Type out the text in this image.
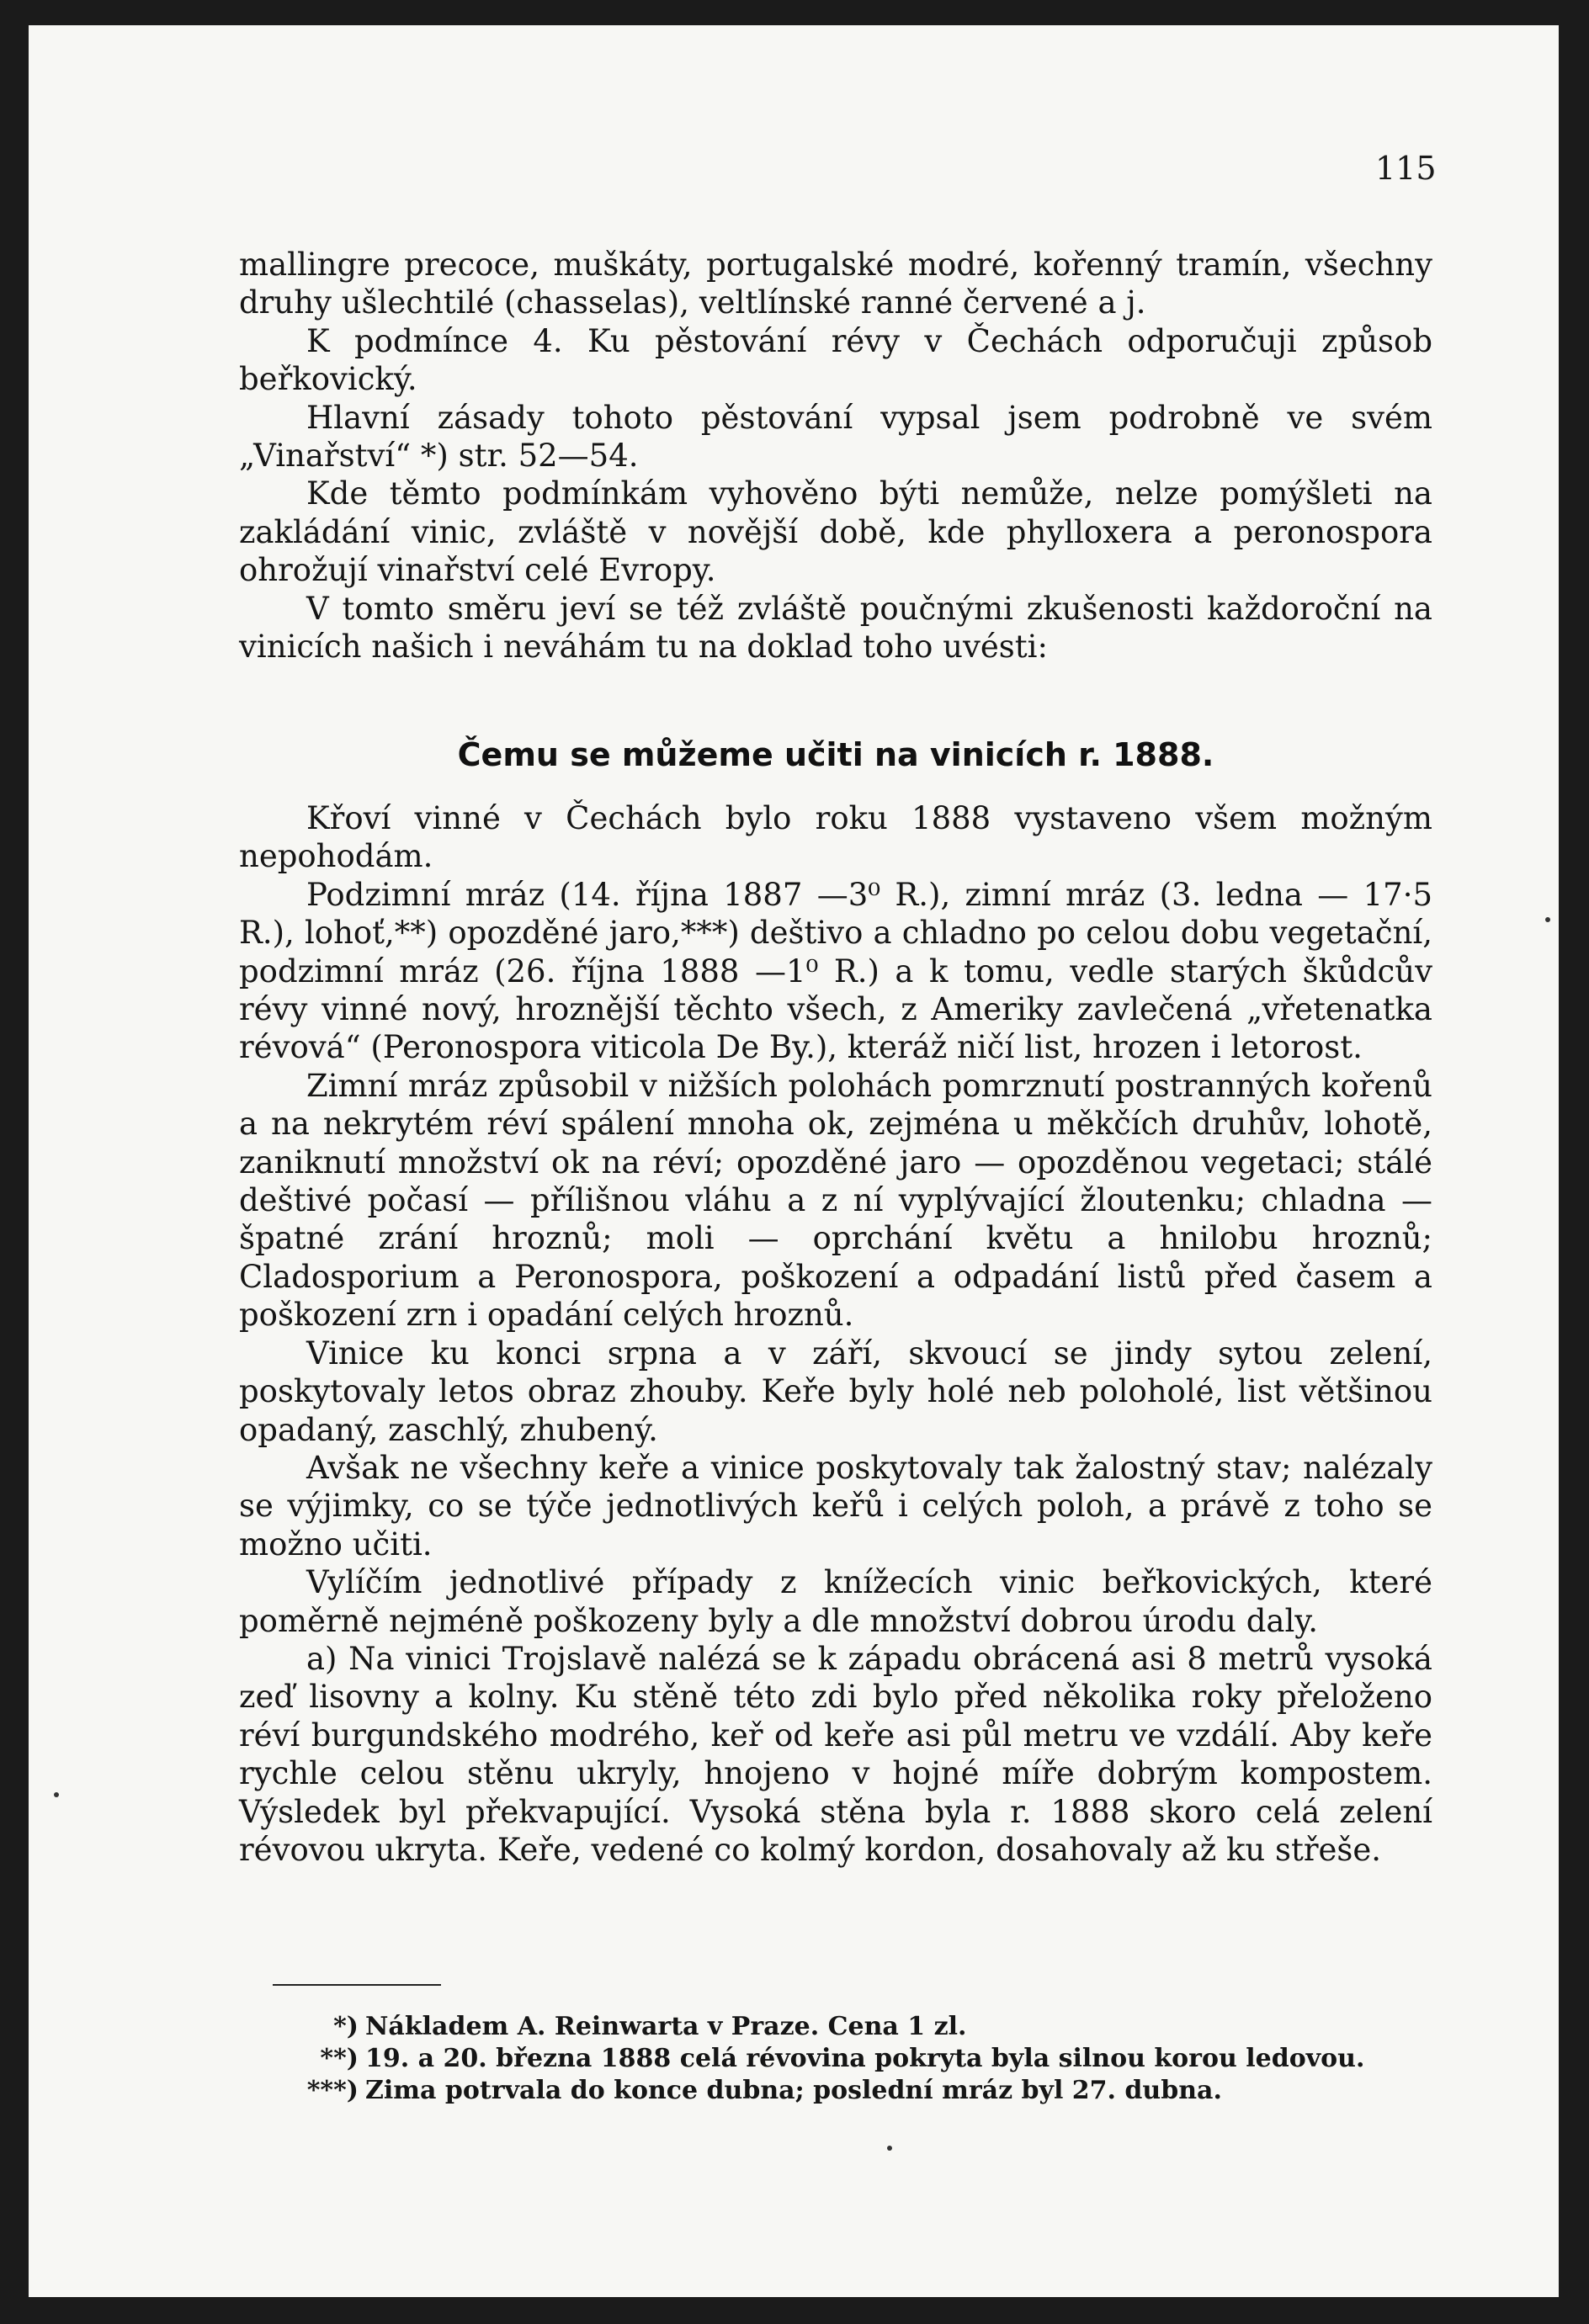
115

mallingre precoce, muškáty, portugalské modré, kořenný tramín, všechny druhy ušlechtilé (chasselas), veltlínské ranné červené a j.

K podmínce 4. Ku pěstování révy v Čechách odporučuji způsob beřkovický.

Hlavní zásady tohoto pěstování vypsal jsem podrobně ve svém „Vinařství“ *) str. 52—54.

Kde těmto podmínkám vyhověno býti nemůže, nelze pomýšleti na zakládání vinic, zvláště v novější době, kde phylloxera a peronospora ohrožují vinařství celé Evropy.

V tomto směru jeví se též zvláště poučnými zkušenosti každoroční na vinicích našich i neváhám tu na doklad toho uvésti:

Čemu se můžeme učiti na vinicích r. 1888.

Křoví vinné v Čechách bylo roku 1888 vystaveno všem možným nepohodám.

Podzimní mráz (14. října 1887 —3⁰ R.), zimní mráz (3. ledna — 17·5 R.), lohoť,**) opozděné jaro,***) deštivo a chladno po celou dobu vegetační, podzimní mráz (26. října 1888 —1⁰ R.) a k tomu, vedle starých škůdcův révy vinné nový, hroznější těchto všech, z Ameriky zavlečená „vřetenatka révová“ (Peronospora viticola De By.), kteráž ničí list, hrozen i letorost.

Zimní mráz způsobil v nižších polohách pomrznutí postranných kořenů a na nekrytém réví spálení mnoha ok, zejména u měkčích druhův, lohotě, zaniknutí množství ok na réví; opozděné jaro — opozděnou vegetaci; stálé deštivé počasí — přílišnou vláhu a z ní vyplývající žloutenku; chladna — špatné zrání hroznů; moli — oprchání květu a hnilobu hroznů; Cladosporium a Peronospora, poškození a odpadání listů před časem a poškození zrn i opadání celých hroznů.

Vinice ku konci srpna a v září, skvoucí se jindy sytou zelení, poskytovaly letos obraz zhouby. Keře byly holé neb poloholé, list většinou opadaný, zaschlý, zhubený.

Avšak ne všechny keře a vinice poskytovaly tak žalostný stav; nalézaly se výjimky, co se týče jednotlivých keřů i celých poloh, a právě z toho se možno učiti.

Vylíčím jednotlivé případy z knížecích vinic beřkovických, které poměrně nejméně poškozeny byly a dle množství dobrou úrodu daly.

a) Na vinici Trojslavě nalézá se k západu obrácená asi 8 metrů vysoká zeď lisovny a kolny. Ku stěně této zdi bylo před několika roky přeloženo réví burgundského modrého, keř od keře asi půl metru ve vzdálí. Aby keře rychle celou stěnu ukryly, hnojeno v hojné míře dobrým kompostem. Výsledek byl překvapující. Vysoká stěna byla r. 1888 skoro celá zelení révovou ukryta. Keře, vedené co kolmý kordon, dosahovaly až ku střeše.

*) Nákladem A. Reinwarta v Praze. Cena 1 zl.
**) 19. a 20. března 1888 celá révovina pokryta byla silnou korou ledovou.
***) Zima potrvala do konce dubna; poslední mráz byl 27. dubna.
